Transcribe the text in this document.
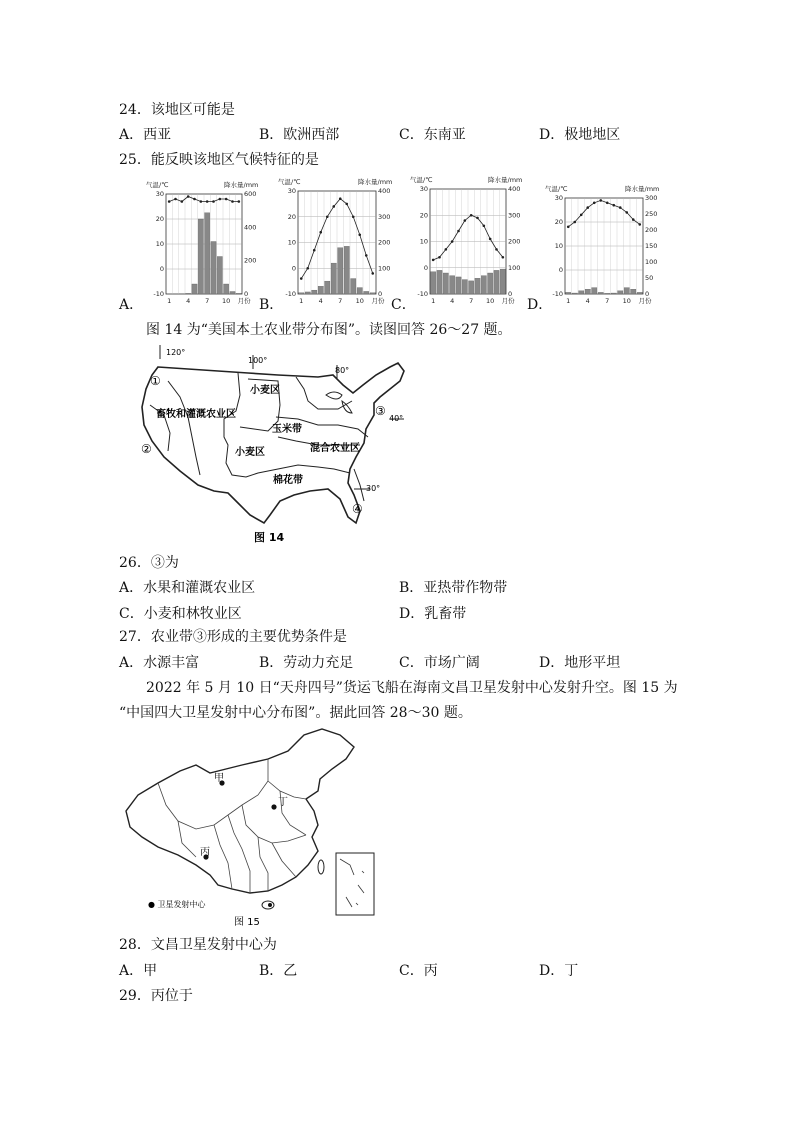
24．该地区可能是
A．西亚	B．欧洲西部	C．东南亚	D．极地地区
25．能反映该地区气候特征的是
A．	B．	C．	D．
气温/℃	降水量/mm
30
20
10
0
-10
600
400
200
0
1 4 7 10 月份
气温/℃	降水量/mm
30
20
10
0
-10
400
300
200
100
0
1 4 7 10 月份
气温/℃	降水量/mm
30
20
10
0
-10
400
300
200
100
0
1 4 7 10 月份
气温/℃	降水量/mm
30
20
10
0
-10
300
250
200
150
100
50
0
1 4 7 10 月份
图 14 为“美国本土农业带分布图”。读图回答 26～27 题。
120°
100°
80°
40°
30°
小麦区
畜牧和灌溉农业区
玉米带
小麦区	混合农业区
棉花带
①
②
③
④
图 14
26．③为
A．水果和灌溉农业区	B．亚热带作物带
C．小麦和林牧业区	D．乳畜带
27．农业带③形成的主要优势条件是
A．水源丰富	B．劳动力充足	C．市场广阔	D．地形平坦
2022 年 5 月 10 日“天舟四号”货运飞船在海南文昌卫星发射中心发射升空。图 15 为
“中国四大卫星发射中心分布图”。据此回答 28～30 题。
甲
丙
丁
● 卫星发射中心
图 15
28．文昌卫星发射中心为
A．甲	B．乙	C．丙	D．丁
29．丙位于
